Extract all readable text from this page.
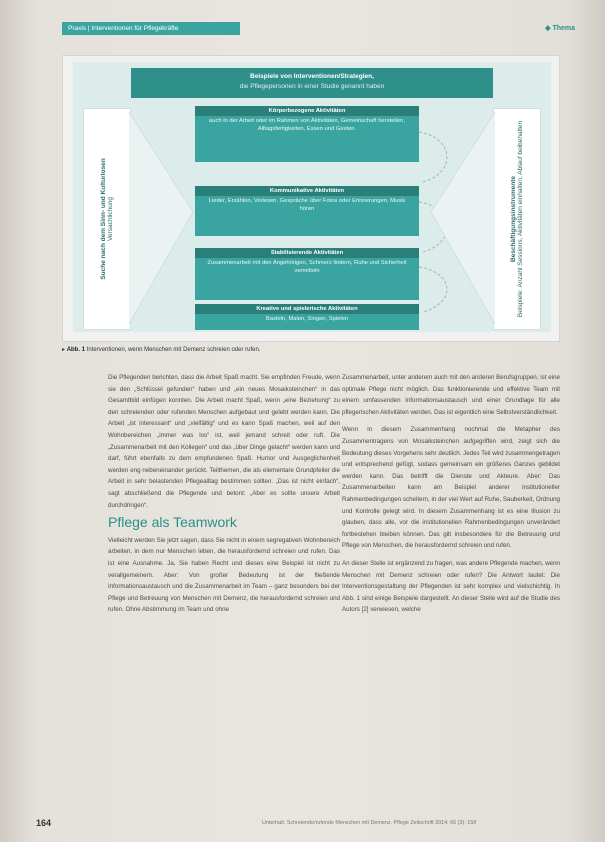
Praxis | Interventionen für Pflegekräfte	◆ Thema
Beispiele von Interventionen/Strategien,
die Pflegepersonen in einer Studie genannt haben
Suche nach dem Sinn- und Kulturlosen Versachlichung	Beschäftigungsinstrumente Beispiele: Anzahl Sessions, Aktivitäten einhalten, Ablauf beibehalten
Körperbezogene Aktivitäten
auch in der Arbeit oder im Rahmen von Aktivitäten, Gemeinschaft herstellen, Alltagsfertigkeiten, Essen und Gesten.
Kommunikative Aktivitäten
Lieder, Erzählen, Vorlesen, Gespräche über Fotos oder Erinnerungen, Musik hören
Stabilisierende Aktivitäten
Zusammenarbeit mit den Angehörigen, Schmerz lindern, Ruhe und Sicherheit vermitteln
Kreative und spielerische Aktivitäten
Basteln, Malen, Singen, Spielen
▸ Abb. 1 Interventionen, wenn Menschen mit Demenz schreien oder rufen.

Die Pflegenden berichten, dass die Arbeit Spaß macht. Sie empfinden Freude, wenn sie den „Schlüssel gefunden“ haben und „ein neues Mosaiksteinchen“ in das Gesamtbild einfügen konnten. Die Arbeit macht Spaß, wenn „eine Beziehung“ zu den schreienden oder rufenden Menschen aufgebaut und gelebt werden kann. Die Arbeit „ist interessant“ und „vielfältig“ und es kann Spaß machen, weil auf den Wohnbereichen „immer was los“ ist, weil jemand schreit oder ruft. Die „Zusammenarbeit mit den Kollegen“ und das „über Dinge gelacht“ werden kann und darf, führt ebenfalls zu dem empfundenen Spaß. Humor und Ausgeglichenheit werden eng nebeneinander gerückt. Teilthemen, die als elementare Grundpfeiler die Arbeit in sehr belastenden Pflegealltag bestimmen sollten. „Das ist nicht einfach“, sagt abschließend die Pflegende und betont: „Aber es sollte unsere Arbeit durchdringen“.

Pflege als Teamwork

Vielleicht werden Sie jetzt sagen, dass Sie nicht in einem segregativen Wohnbereich arbeiten, in dem nur Menschen leben, die herausfordernd schreien und rufen. Das ist eine Ausnahme. Ja, Sie haben Recht und dieses eine Beispiel ist nicht zu verallgemeinern. Aber: Von großer Bedeutung ist der fließende Informationsaustausch und die Zusammenarbeit im Team – ganz besonders bei der Pflege und Betreuung von Menschen mit Demenz, die herausfordernd schreien und rufen. Ohne Abstimmung im Team und ohne

Zusammenarbeit, unter anderem auch mit den anderen Berufsgruppen, ist eine optimale Pflege nicht möglich. Das funktionierende und effektive Team mit einem umfassenden Informationsaustausch und einer Grundlage für alle pflegerischen Aktivitäten werden. Das ist eigentlich eine Selbstverständlichkeit.

Wenn in diesem Zusammenhang nochmal die Metapher des Zusammentragens von Mosaiksteinchen aufgegriffen wird, zeigt sich die Bedeutung dieses Vorgehens sehr deutlich. Jedes Teil wird zusammengetragen und entsprechend gefügt, sodass gemeinsam ein größeres Ganzes gebildet werden kann. Das betrifft die Dienste und Akteure. Aber: Das Zusammenarbeiten kann am Beispiel anderer institutioneller Rahmenbedingungen scheitern, in der viel Wert auf Ruhe, Sauberkeit, Ordnung und Kontrolle gelegt wird. In diesem Zusammenhang ist es eine Illusion zu glauben, dass alle, vor die institutionellen Rahmenbedingungen unverändert fortbestehen bleiben können. Das gilt insbesondere für die Betreuung und Pflege von Menschen, die herausfordernd schreien und rufen.

An dieser Stelle ist ergänzend zu fragen, was andere Pflegende machen, wenn Menschen mit Demenz schreien oder rufen? Die Antwort lautet: Die Interventionsgestaltung der Pflegenden ist sehr komplex und vielschichtig. In Abb. 1 sind einige Beispiele dargestellt. An dieser Stelle wird auf die Studie des Autors [2] verwiesen, welche

164	Unterhalt: Schreiende/rufende Menschen mit Demenz. Pflege Zeitschrift 2014; 66 (3): 158
